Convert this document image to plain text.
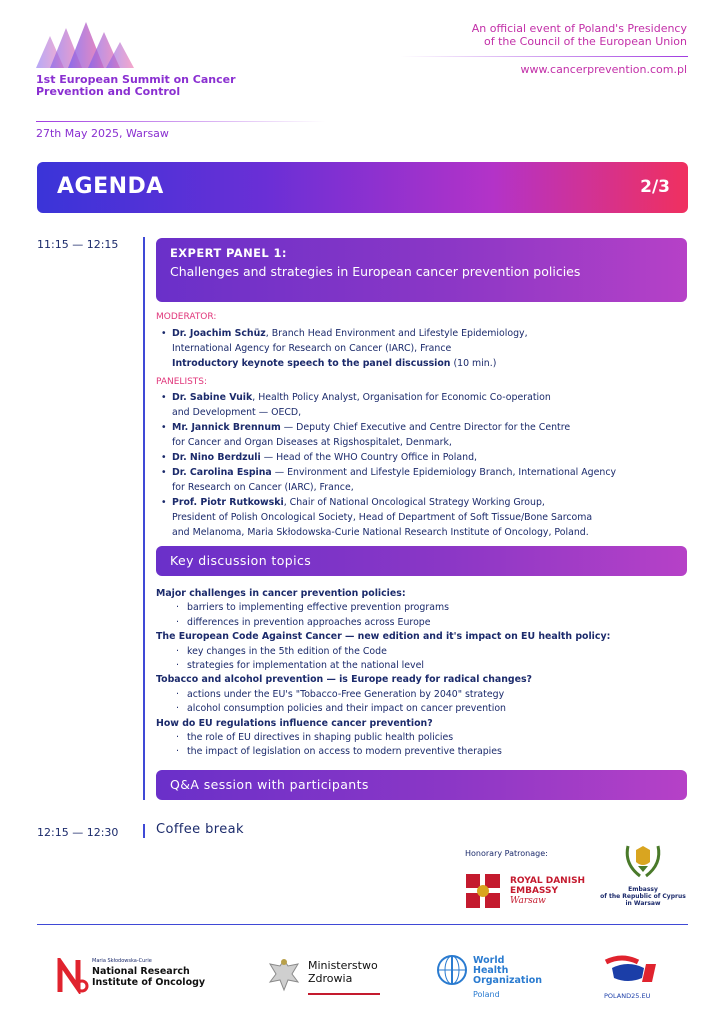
1st European Summit on Cancer Prevention and Control
27th May 2025, Warsaw
An official event of Poland's Presidency
of the Council of the European Union
www.cancerprevention.com.pl
AGENDA	2/3
11:15 — 12:15
EXPERT PANEL 1:
Challenges and strategies in European cancer prevention policies
MODERATOR:
• Dr. Joachim Schüz, Branch Head Environment and Lifestyle Epidemiology,
International Agency for Research on Cancer (IARC), France
Introductory keynote speech to the panel discussion (10 min.)
PANELISTS:
• Dr. Sabine Vuik, Health Policy Analyst, Organisation for Economic Co-operation
and Development — OECD,
• Mr. Jannick Brennum — Deputy Chief Executive and Centre Director for the Centre
for Cancer and Organ Diseases at Rigshospitalet, Denmark,
• Dr. Nino Berdzuli — Head of the WHO Country Office in Poland,
• Dr. Carolina Espina — Environment and Lifestyle Epidemiology Branch, International Agency
for Research on Cancer (IARC), France,
• Prof. Piotr Rutkowski, Chair of National Oncological Strategy Working Group,
President of Polish Oncological Society, Head of Department of Soft Tissue/Bone Sarcoma
and Melanoma, Maria Skłodowska-Curie National Research Institute of Oncology, Poland.
Key discussion topics
Major challenges in cancer prevention policies:
· barriers to implementing effective prevention programs
· differences in prevention approaches across Europe
The European Code Against Cancer — new edition and it's impact on EU health policy:
· key changes in the 5th edition of the Code
· strategies for implementation at the national level
Tobacco and alcohol prevention — is Europe ready for radical changes?
· actions under the EU's "Tobacco-Free Generation by 2040" strategy
· alcohol consumption policies and their impact on cancer prevention
How do EU regulations influence cancer prevention?
· the role of EU directives in shaping public health policies
· the impact of legislation on access to modern preventive therapies
Q&A session with participants
12:15 — 12:30	Coffee break
Honorary Patronage:
ROYAL DANISH
EMBASSY
Warsaw
Embassy
of the Republic of Cyprus
in Warsaw
Maria Skłodowska-Curie
National Research
Institute of Oncology
Ministerstwo
Zdrowia
World Health
Organization
Poland	POLAND25.EU
